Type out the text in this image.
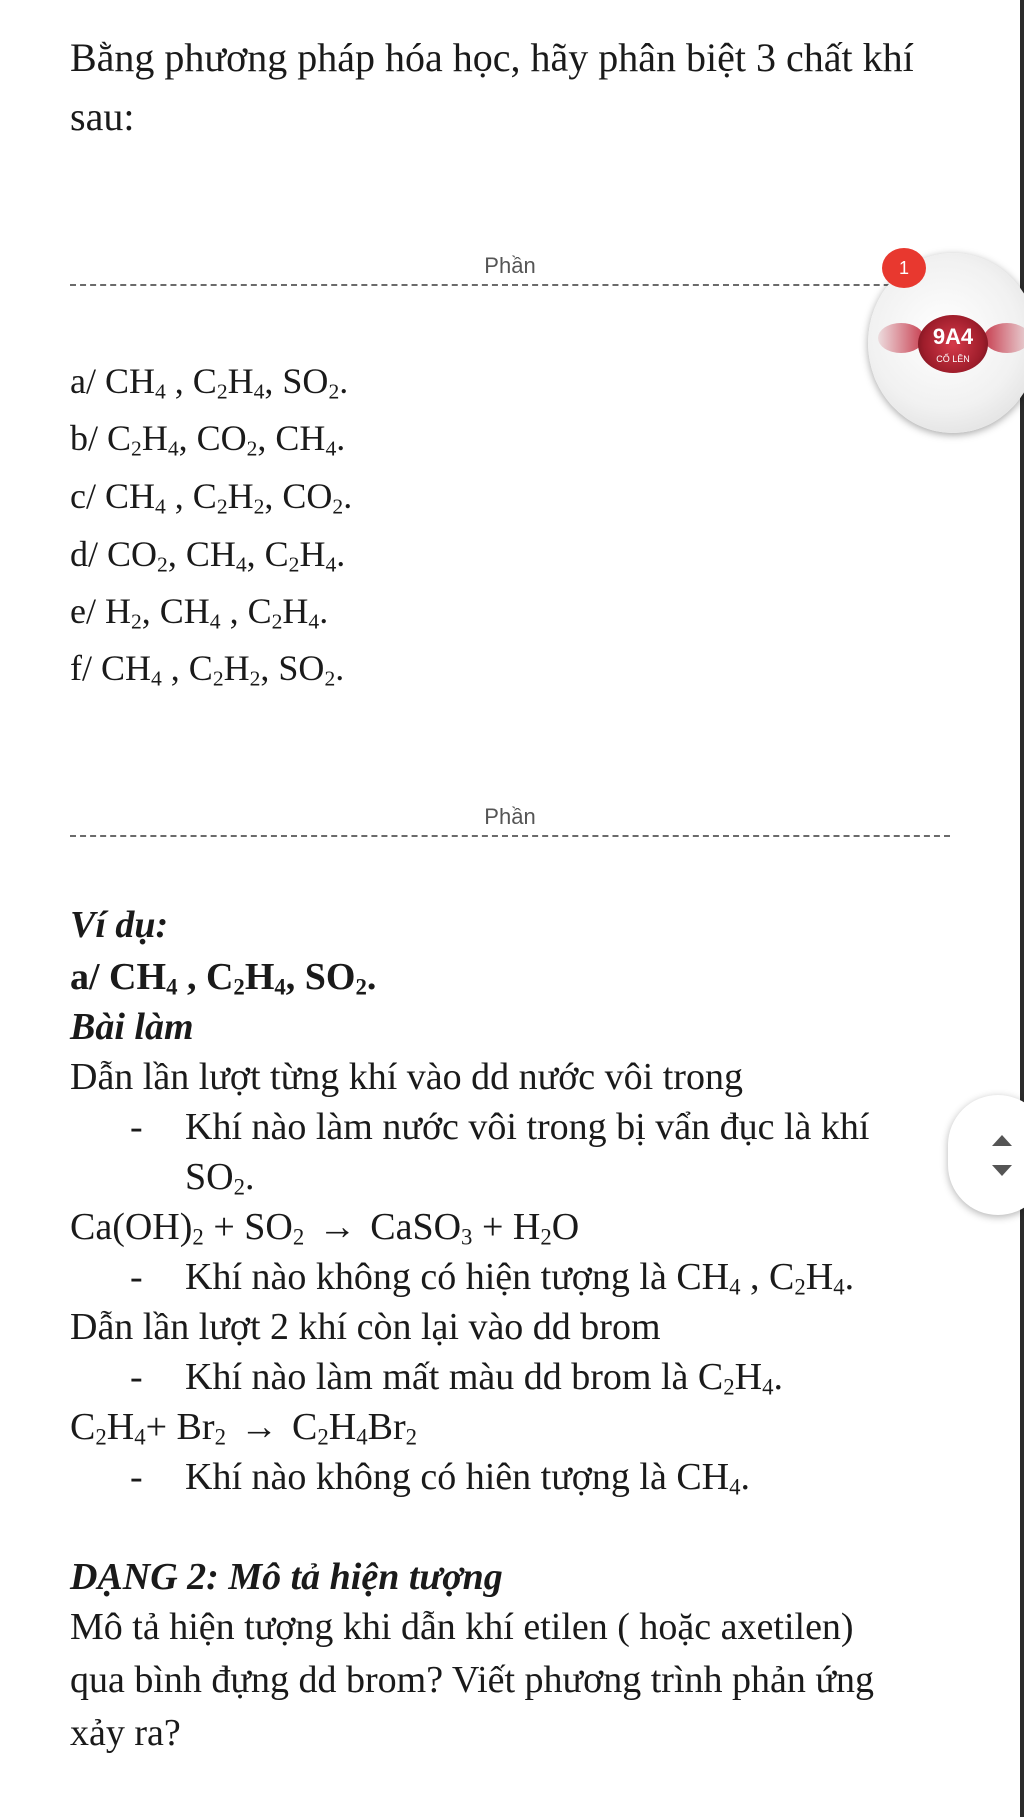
Bằng phương pháp hóa học, hãy phân biệt 3 chất khí
sau:
Phần
a/ $CH_4$ , $C_2H_4$, $SO_2$.
b/ $C_2H_4$, $CO_2$, $CH_4$.
c/ $CH_4$ , $C_2H_2$, $CO_2$.
d/ $CO_2$, $CH_4$, $C_2H_4$.
e/ $H_2$, $CH_4$ , $C_2H_4$.
f/ $CH_4$ , $C_2H_2$, $SO_2$.
Phần
Ví dụ:
a/ $CH_4$ , $C_2H_4$, $SO_2$.
Bài làm
Dẫn lần lượt từng khí vào dd nước vôi trong
- Khí nào làm nước vôi trong bị vẩn đục là khí
$SO_2$.
$Ca(OH)_2 + SO_2$ → CaSO$_3$ + $H_2O$
- Khí nào không có hiện tượng là $CH_4$ , $C_2H_4$.
Dẫn lần lượt 2 khí còn lại vào dd brom
- Khí nào làm mất màu dd brom là $C_2H_4$.
$C_2H_4+ Br_2 \to C_2H_4Br_2$
- Khí nào không có hiên tượng là $CH_4$.
DẠNG 2: Mô tả hiện tượng
Mô tả hiện tượng khi dẫn khí etilen ( hoặc axetilen)
qua bình đựng dd brom? Viết phương trình phản ứng
xảy ra?
9A4
CỐ LÊN
1
